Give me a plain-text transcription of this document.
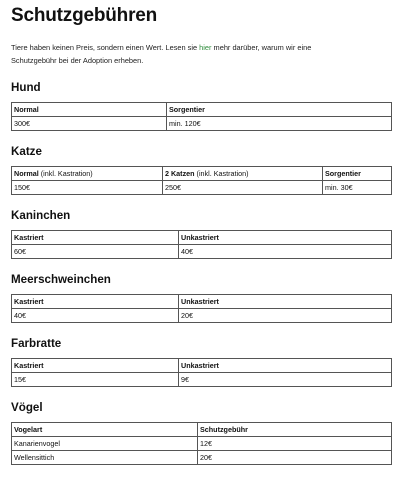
Schutzgebühren

Tiere haben keinen Preis, sondern einen Wert. Lesen sie hier mehr darüber, warum wir eine
Schutzgebühr bei der Adoption erheben.

Hund
Normal	Sorgentier
300€	min. 120€
Katze
Normal (inkl. Kastration)	2 Katzen (inkl. Kastration)	Sorgentier
150€	250€	min. 30€
Kaninchen
Kastriert	Unkastriert
60€	40€
Meerschweinchen
Kastriert	Unkastriert
40€	20€
Farbratte
Kastriert	Unkastriert
15€	9€
Vögel
Vogelart	Schutzgebühr
Kanarienvogel	12€
Wellensittich	20€
